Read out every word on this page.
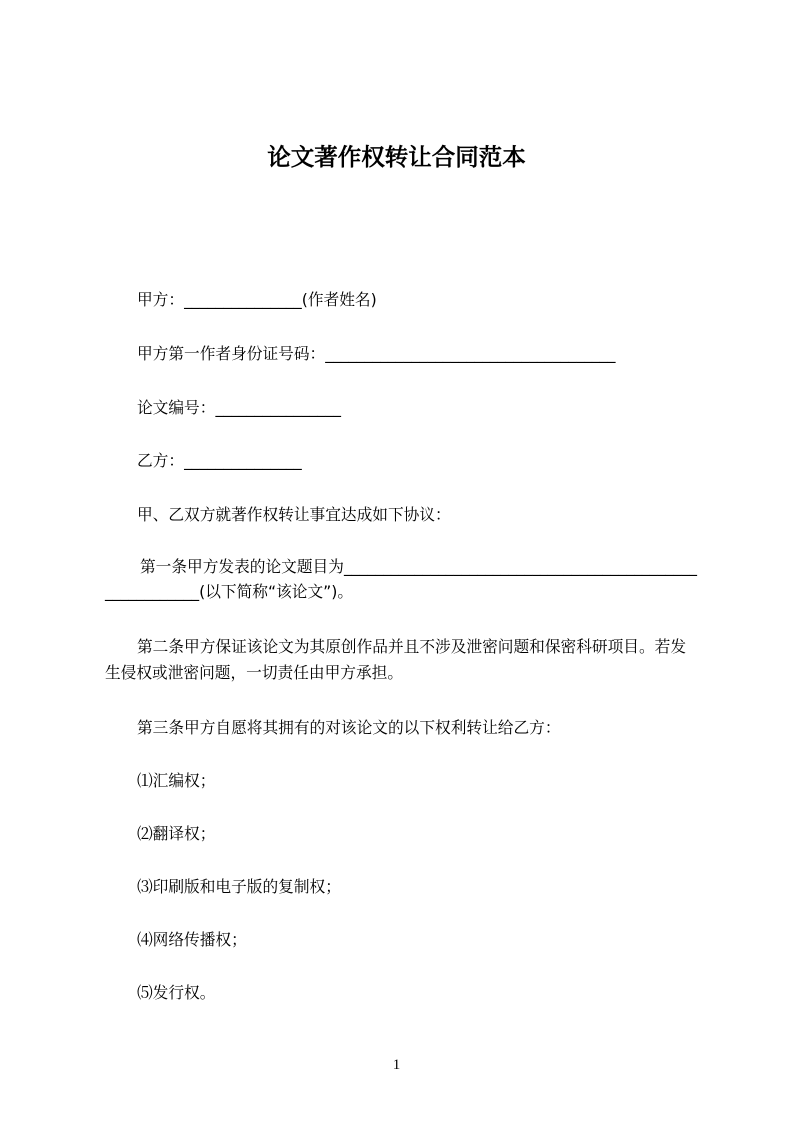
论文著作权转让合同范本
甲方：_______________(作者姓名)
甲方第一作者身份证号码：_____________________________________
论文编号：________________
乙方：_______________
甲、乙双方就著作权转让事宜达成如下协议：
第一条甲方发表的论文题目为_____________________________________________
____________(以下简称“该论文”)。
第二条甲方保证该论文为其原创作品并且不涉及泄密问题和保密科研项目。若发
生侵权或泄密问题，一切责任由甲方承担。
第三条甲方自愿将其拥有的对该论文的以下权利转让给乙方：
⑴汇编权；
⑵翻译权；
⑶印刷版和电子版的复制权；
⑷网络传播权；
⑸发行权。
1
